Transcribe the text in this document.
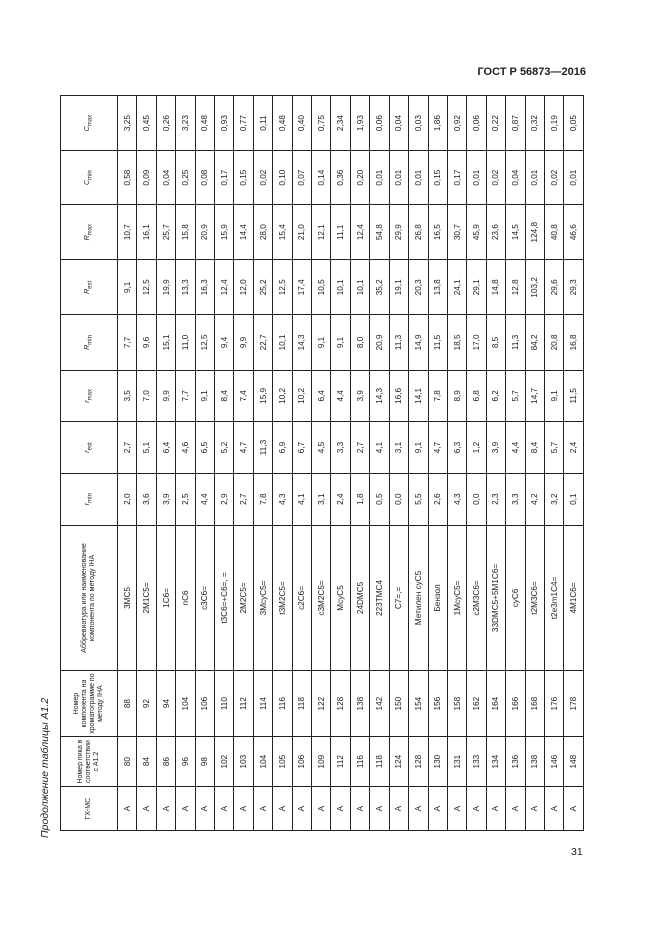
ГОСТ Р 56873—2016
Продолжение таблицы А1.2	ГХ-МС	Номер пика в соответствии с А1.2	Номер компонента на хроматограмме по методу IHA	Аббревиатура или наименование компонента по методу IHA	$r_{min}$	$r_{est}$	$r_{max}$	$R_{min}$	$R_{est}$	$R_{max}$	$C_{min}$	$C_{max}$
A	80	88	3MC5	2,0	2,7	3,5	7,7	9,1	10,7	0,58	3,25
A	84	92	2M1C5=	3,6	5,1	7,0	9,6	12,5	16,1	0,09	0,45
A	86	94	1C6=	3,9	6,4	9,9	15,1	19,9	25,7	0,04	0,26
A	96	104	nC6	2,5	4,6	7,7	11,0	13,3	15,8	0,25	3,23
A	98	106	c3C6=	4,4	6,5	9,1	12,5	16,3	20,9	0,08	0,48
A	102	110	t3C6=+C6=, =	2,9	5,2	8,4	9,4	12,4	15,9	0,17	0,93
A	103	112	2M2C5=	2,7	4,7	7,4	9,9	12,0	14,4	0,15	0,77
A	104	114	3McyC5=	7,8	11,3	15,9	22,7	25,2	28,0	0,02	0,11
A	105	116	t3M2C5=	4,3	6,9	10,2	10,1	12,5	15,4	0,10	0,48
A	106	118	c2C6=	4,1	6,7	10,2	14,3	17,4	21,0	0,07	0,40
A	109	122	c3M2C5=	3,1	4,5	6,4	9,1	10,5	12,1	0,14	0,75
A	112	128	McyC5	2,4	3,3	4,4	9,1	10,1	11,1	0,36	2,34
A	116	138	24DMC5	1,8	2,7	3,9	8,0	10,1	12,4	0,20	1,93
A	118	142	223TMC4	0,5	4,1	14,3	20,9	35,2	54,8	0,01	0,06
A	124	150	C7=,=	0,0	3,1	16,6	11,3	19,1	29,9	0,01	0,04
A	128	154	Метилен cyC5	5,5	9,1	14,1	14,9	20,3	26,8	0,01	0,03
A	130	156	Бензол	2,6	4,7	7,8	11,5	13,8	16,5	0,15	1,86
A	131	158	1McyC5=	4,3	6,3	8,9	18,5	24,1	30,7	0,17	0,92
A	133	162	c2M3C6=	0,0	1,2	6,8	17,0	29,1	45,9	0,01	0,06
A	134	164	33DMC5+5M1C6=	2,3	3,9	6,2	8,5	14,8	23,6	0,02	0,22
A	136	166	cyC6	3,3	4,4	5,7	11,3	12,8	14,5	0,04	0,87
A	138	168	t2M3C6=	4,2	8,4	14,7	84,2	103,2	124,8	0,01	0,32
A	146	176	t2e3m1C4=	3,2	5,7	9,1	20,8	29,6	40,8	0,02	0,19
A	148	178	4M1C6=	0,1	2,4	11,5	16,8	29,3	46,6	0,01	0,05
31
